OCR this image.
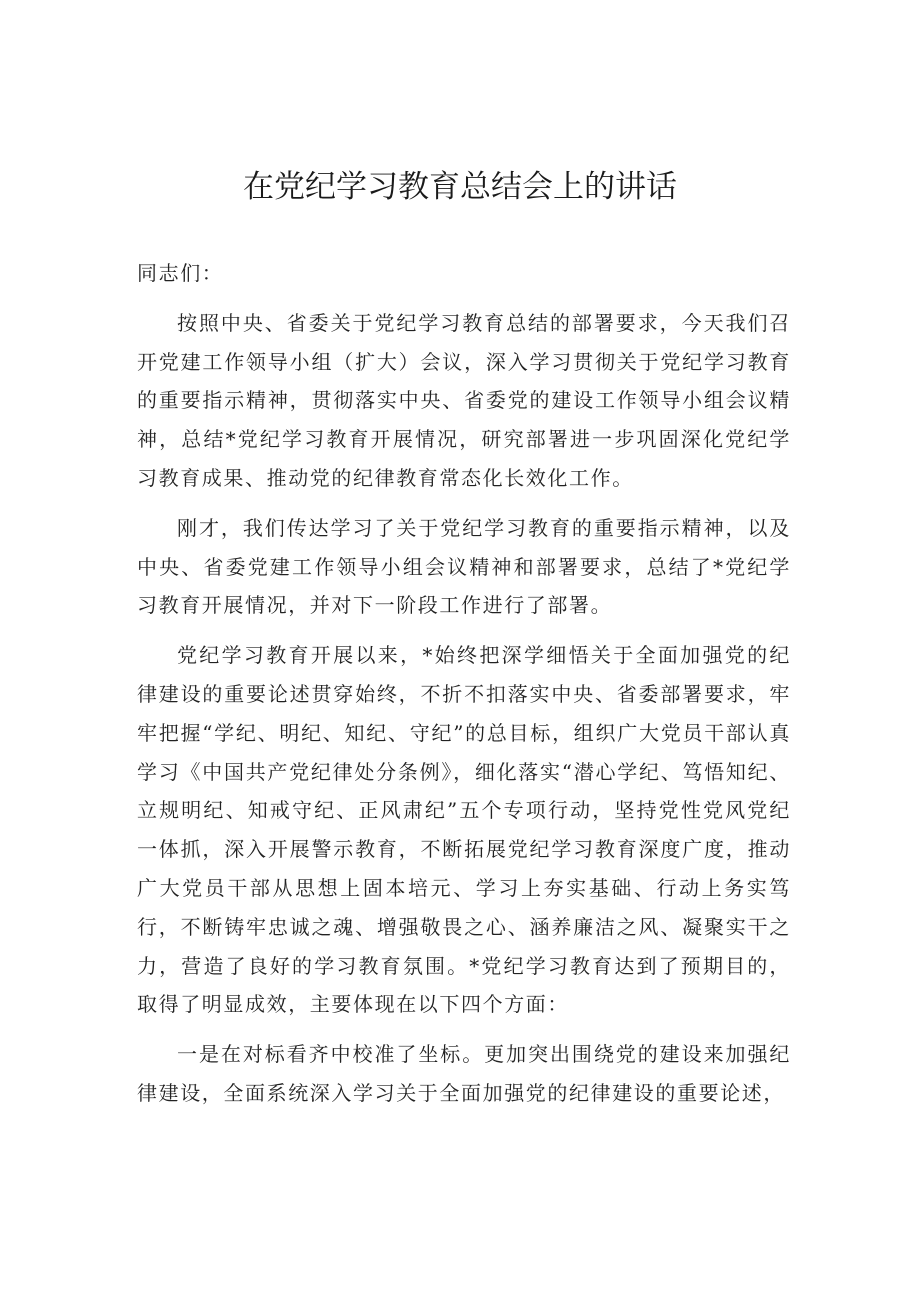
在党纪学习教育总结会上的讲话

同志们：

按照中央、省委关于党纪学习教育总结的部署要求，今天我们召开党建工作领导小组（扩大）会议，深入学习贯彻关于党纪学习教育的重要指示精神，贯彻落实中央、省委党的建设工作领导小组会议精神，总结*党纪学习教育开展情况，研究部署进一步巩固深化党纪学习教育成果、推动党的纪律教育常态化长效化工作。

刚才，我们传达学习了关于党纪学习教育的重要指示精神，以及中央、省委党建工作领导小组会议精神和部署要求，总结了*党纪学习教育开展情况，并对下一阶段工作进行了部署。

党纪学习教育开展以来，*始终把深学细悟关于全面加强党的纪律建设的重要论述贯穿始终，不折不扣落实中央、省委部署要求，牢牢把握“学纪、明纪、知纪、守纪”的总目标，组织广大党员干部认真学习《中国共产党纪律处分条例》，细化落实“潜心学纪、笃悟知纪、立规明纪、知戒守纪、正风肃纪”五个专项行动，坚持党性党风党纪一体抓，深入开展警示教育，不断拓展党纪学习教育深度广度，推动广大党员干部从思想上固本培元、学习上夯实基础、行动上务实笃行，不断铸牢忠诚之魂、增强敬畏之心、涵养廉洁之风、凝聚实干之力，营造了良好的学习教育氛围。*党纪学习教育达到了预期目的，取得了明显成效，主要体现在以下四个方面：

一是在对标看齐中校准了坐标。更加突出围绕党的建设来加强纪律建设，全面系统深入学习关于全面加强党的纪律建设的重要论述，
